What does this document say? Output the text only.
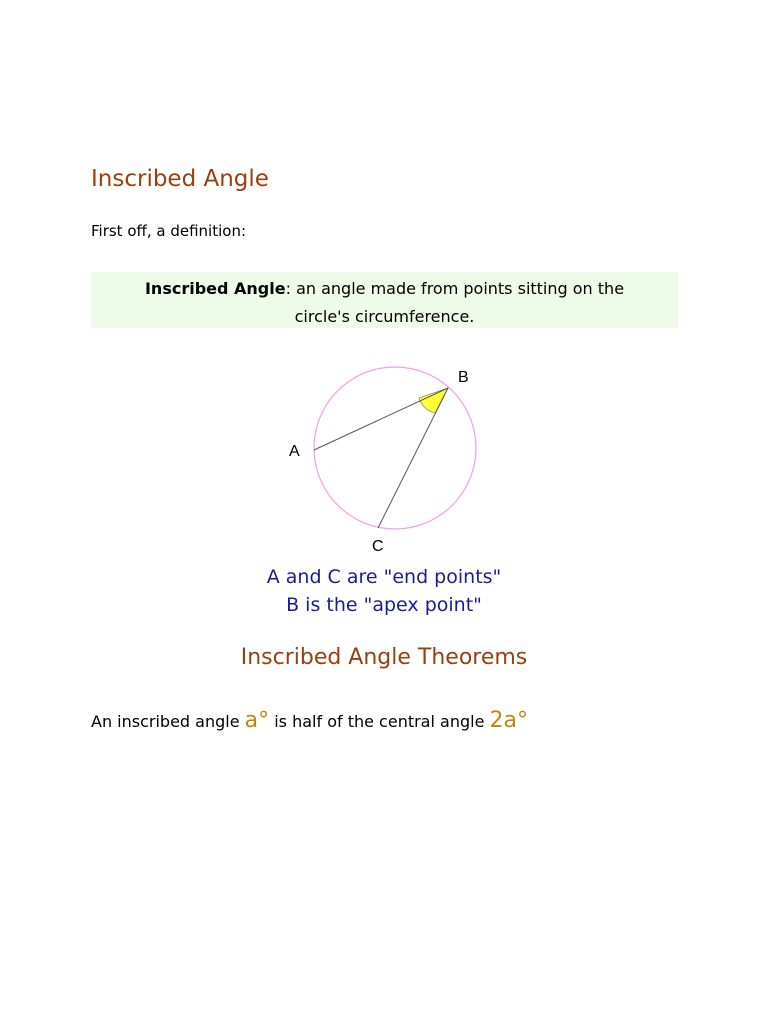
Inscribed Angle

First off, a definition:

Inscribed Angle: an angle made from points sitting on the
circle's circumference.
A
B
C
A and C are "end points"
B is the "apex point"
Inscribed Angle Theorems

An inscribed angle a° is half of the central angle 2a°
